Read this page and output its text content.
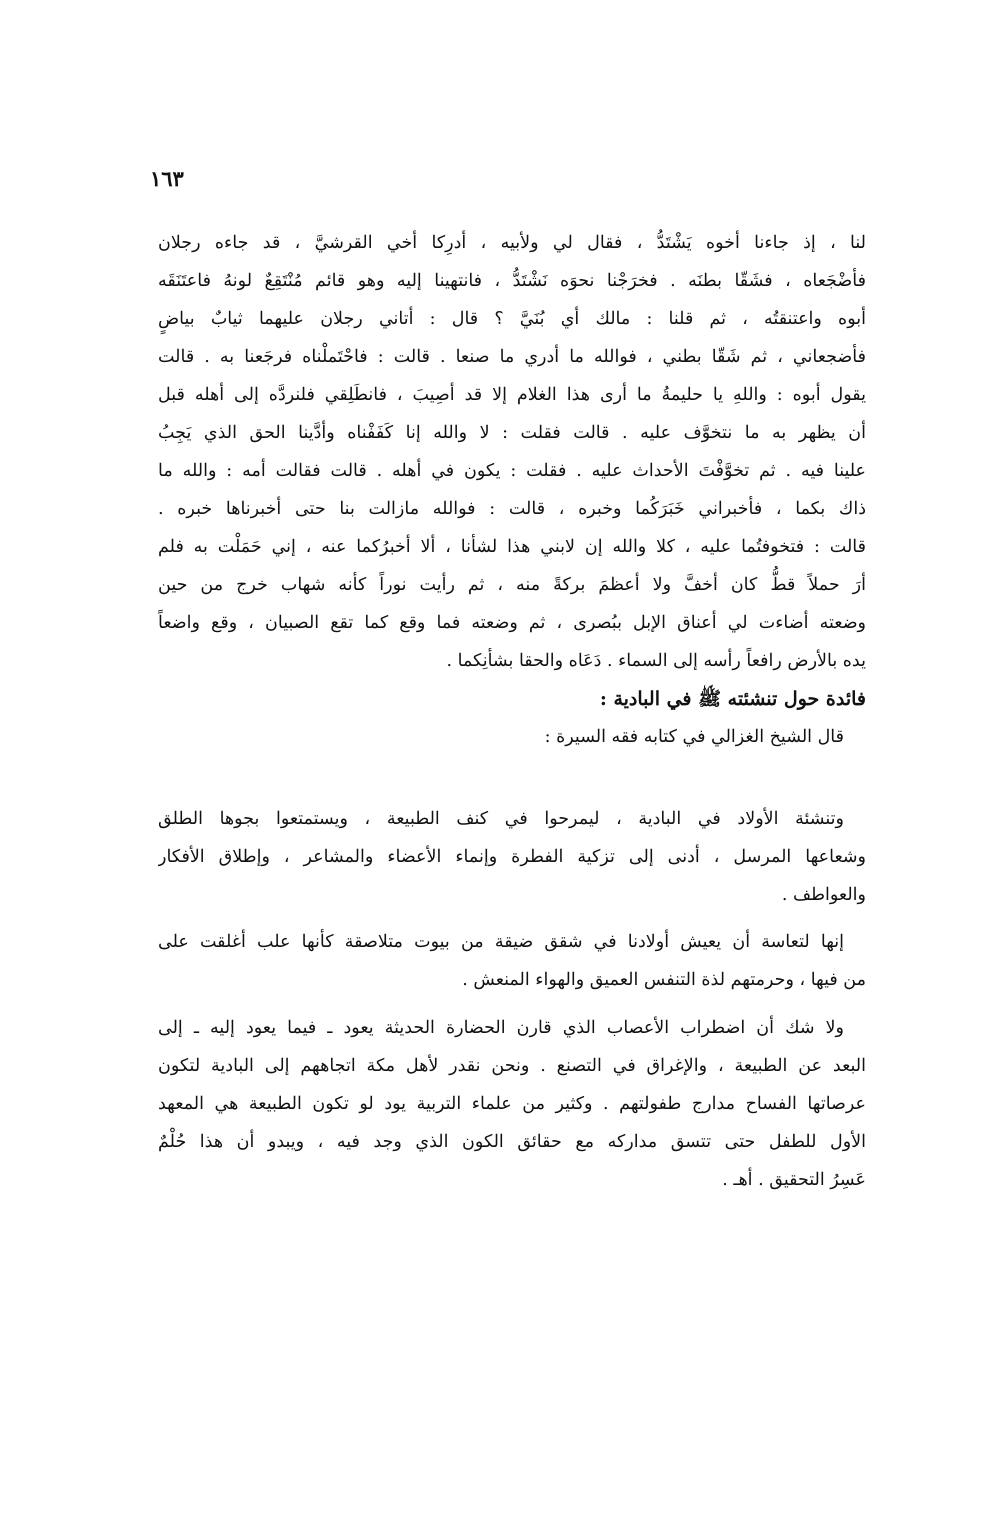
١٦٣
لنا ، إذ جاءنا أخوه يَشْتَدُّ ، فقال لي ولأبيه ، أدرِكا أخي القرشيَّ ، قد جاءه رجلان
فأضْجَعاه ، فشَقّا بطنَه . فخرَجْنا نحوَه نَشْتَدُّ ، فانتهينا إليه وهو قائم مُنْتَقِعٌ لونهُ فاعتَنَقَه
أبوه واعتنقتُه ، ثم قلنا : مالك أي بُنَيَّ ؟ قال : أتاني رجلان عليهما ثيابٌ بياضٍ
فأضجعاني ، ثم شَقّا بطني ، فوالله ما أدري ما صنعا . قالت : فاحْتَملْناه فرجَعنا به . قالت
يقول أبوه : واللهِ يا حليمةُ ما أرى هذا الغلام إلا قد أصِيبَ ، فانطَلِقي فلنردَّه إلى أهله قبل
أن يظهر به ما نتخوَّف عليه . قالت فقلت : لا والله إنا كَفَفْناه وأدَّينا الحق الذي يَجِبُ
علينا فيه . ثم تخوَّفْتَ الأحداث عليه . فقلت : يكون في أهله . قالت فقالت أمه : والله ما
ذاك بكما ، فأخبراني خَبَرَكُما وخبره ، قالت : فوالله مازالت بنا حتى أخبرناها خبره .
قالت : فتخوفتُما عليه ، كلا والله إن لابني هذا لشأنا ، ألا أخبرُكما عنه ، إني حَمَلْت به فلم
أرَ حملاً قطُّ كان أخفَّ ولا أعظمَ بركةً منه ، ثم رأيت نوراً كأنه شهاب خرج من حين
وضعته أضاءت لي أعناق الإبل ببُصرى ، ثم وضعته فما وقع كما تقع الصبيان ، وقع واضعاً
يده بالأرض رافعاً رأسه إلى السماء . دَعَاه والحقا بشأنِكما .
فائدة حول تنشئته ﷺ في البادية :
قال الشيخ الغزالي في كتابه فقه السيرة :
وتنشئة الأولاد في البادية ، ليمرحوا في كنف الطبيعة ، ويستمتعوا بجوها الطلق
وشعاعها المرسل ، أدنى إلى تزكية الفطرة وإنماء الأعضاء والمشاعر ، وإطلاق الأفكار
والعواطف .
إنها لتعاسة أن يعيش أولادنا في شقق ضيقة من بيوت متلاصقة كأنها علب أغلقت على
من فيها ، وحرمتهم لذة التنفس العميق والهواء المنعش .
ولا شك أن اضطراب الأعصاب الذي قارن الحضارة الحديثة يعود ـ فيما يعود إليه ـ إلى
البعد عن الطبيعة ، والإغراق في التصنع . ونحن نقدر لأهل مكة اتجاههم إلى البادية لتكون
عرصاتها الفساح مدارج طفولتهم . وكثير من علماء التربية يود لو تكون الطبيعة هي المعهد
الأول للطفل حتى تتسق مداركه مع حقائق الكون الذي وجد فيه ، ويبدو أن هذا حُلْمٌ
عَسِرُ التحقيق . أهـ .
